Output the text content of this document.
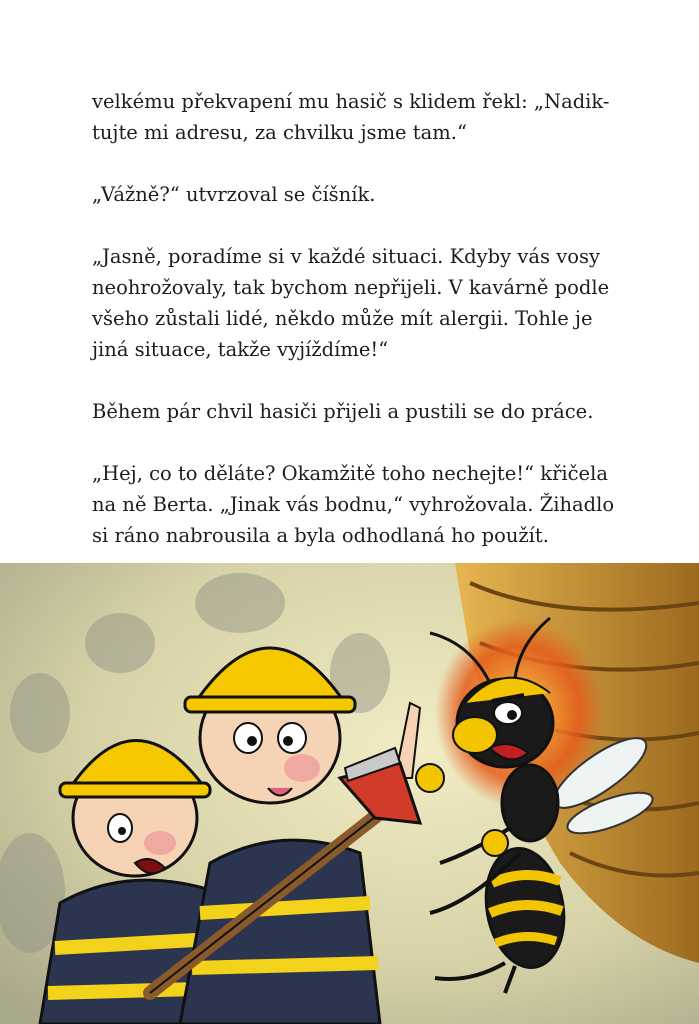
velkému překvapení mu hasič s klidem řekl: „Nadik-
tujte mi adresu, za chvilku jsme tam.“

„Vážně?“ utvrzoval se číšník.

„Jasně, poradíme si v každé situaci. Kdyby vás vosy
neohrožovaly, tak bychom nepřijeli. V kavárně podle
všeho zůstali lidé, někdo může mít alergii. Tohle je
jiná situace, takže vyjíždíme!“

Během pár chvil hasiči přijeli a pustili se do práce.

„Hej, co to děláte? Okamžitě toho nechejte!“ křičela
na ně Berta. „Jinak vás bodnu,“ vyhrožovala. Žihadlo
si ráno nabrousila a byla odhodlaná ho použít.
